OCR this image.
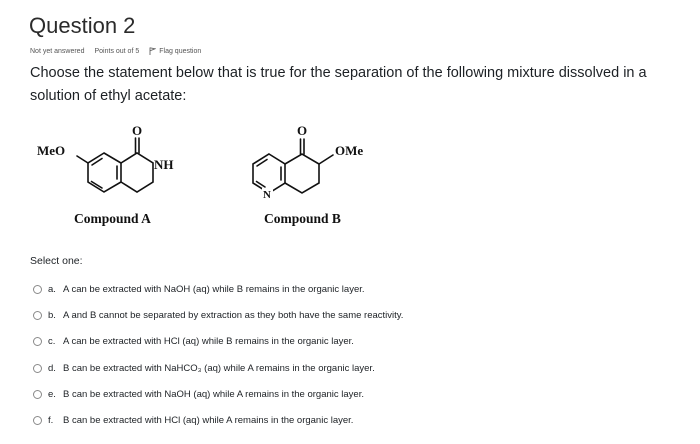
Question 2
Not yet answered Points out of 5	Flag question
Choose the statement below that is true for the separation of the following mixture dissolved in a solution of ethyl acetate:
MeO
O
NH
Compound A
N
O
OMe
Compound B
Select one:
a. A can be extracted with NaOH (aq) while B remains in the organic layer.
b. A and B cannot be separated by extraction as they both have the same reactivity.
c. A can be extracted with HCl (aq) while B remains in the organic layer.
d. B can be extracted with NaHCO₃ (aq) while A remains in the organic layer.
e. B can be extracted with NaOH (aq) while A remains in the organic layer.
f.	B can be extracted with HCl (aq) while A remains in the organic layer.
